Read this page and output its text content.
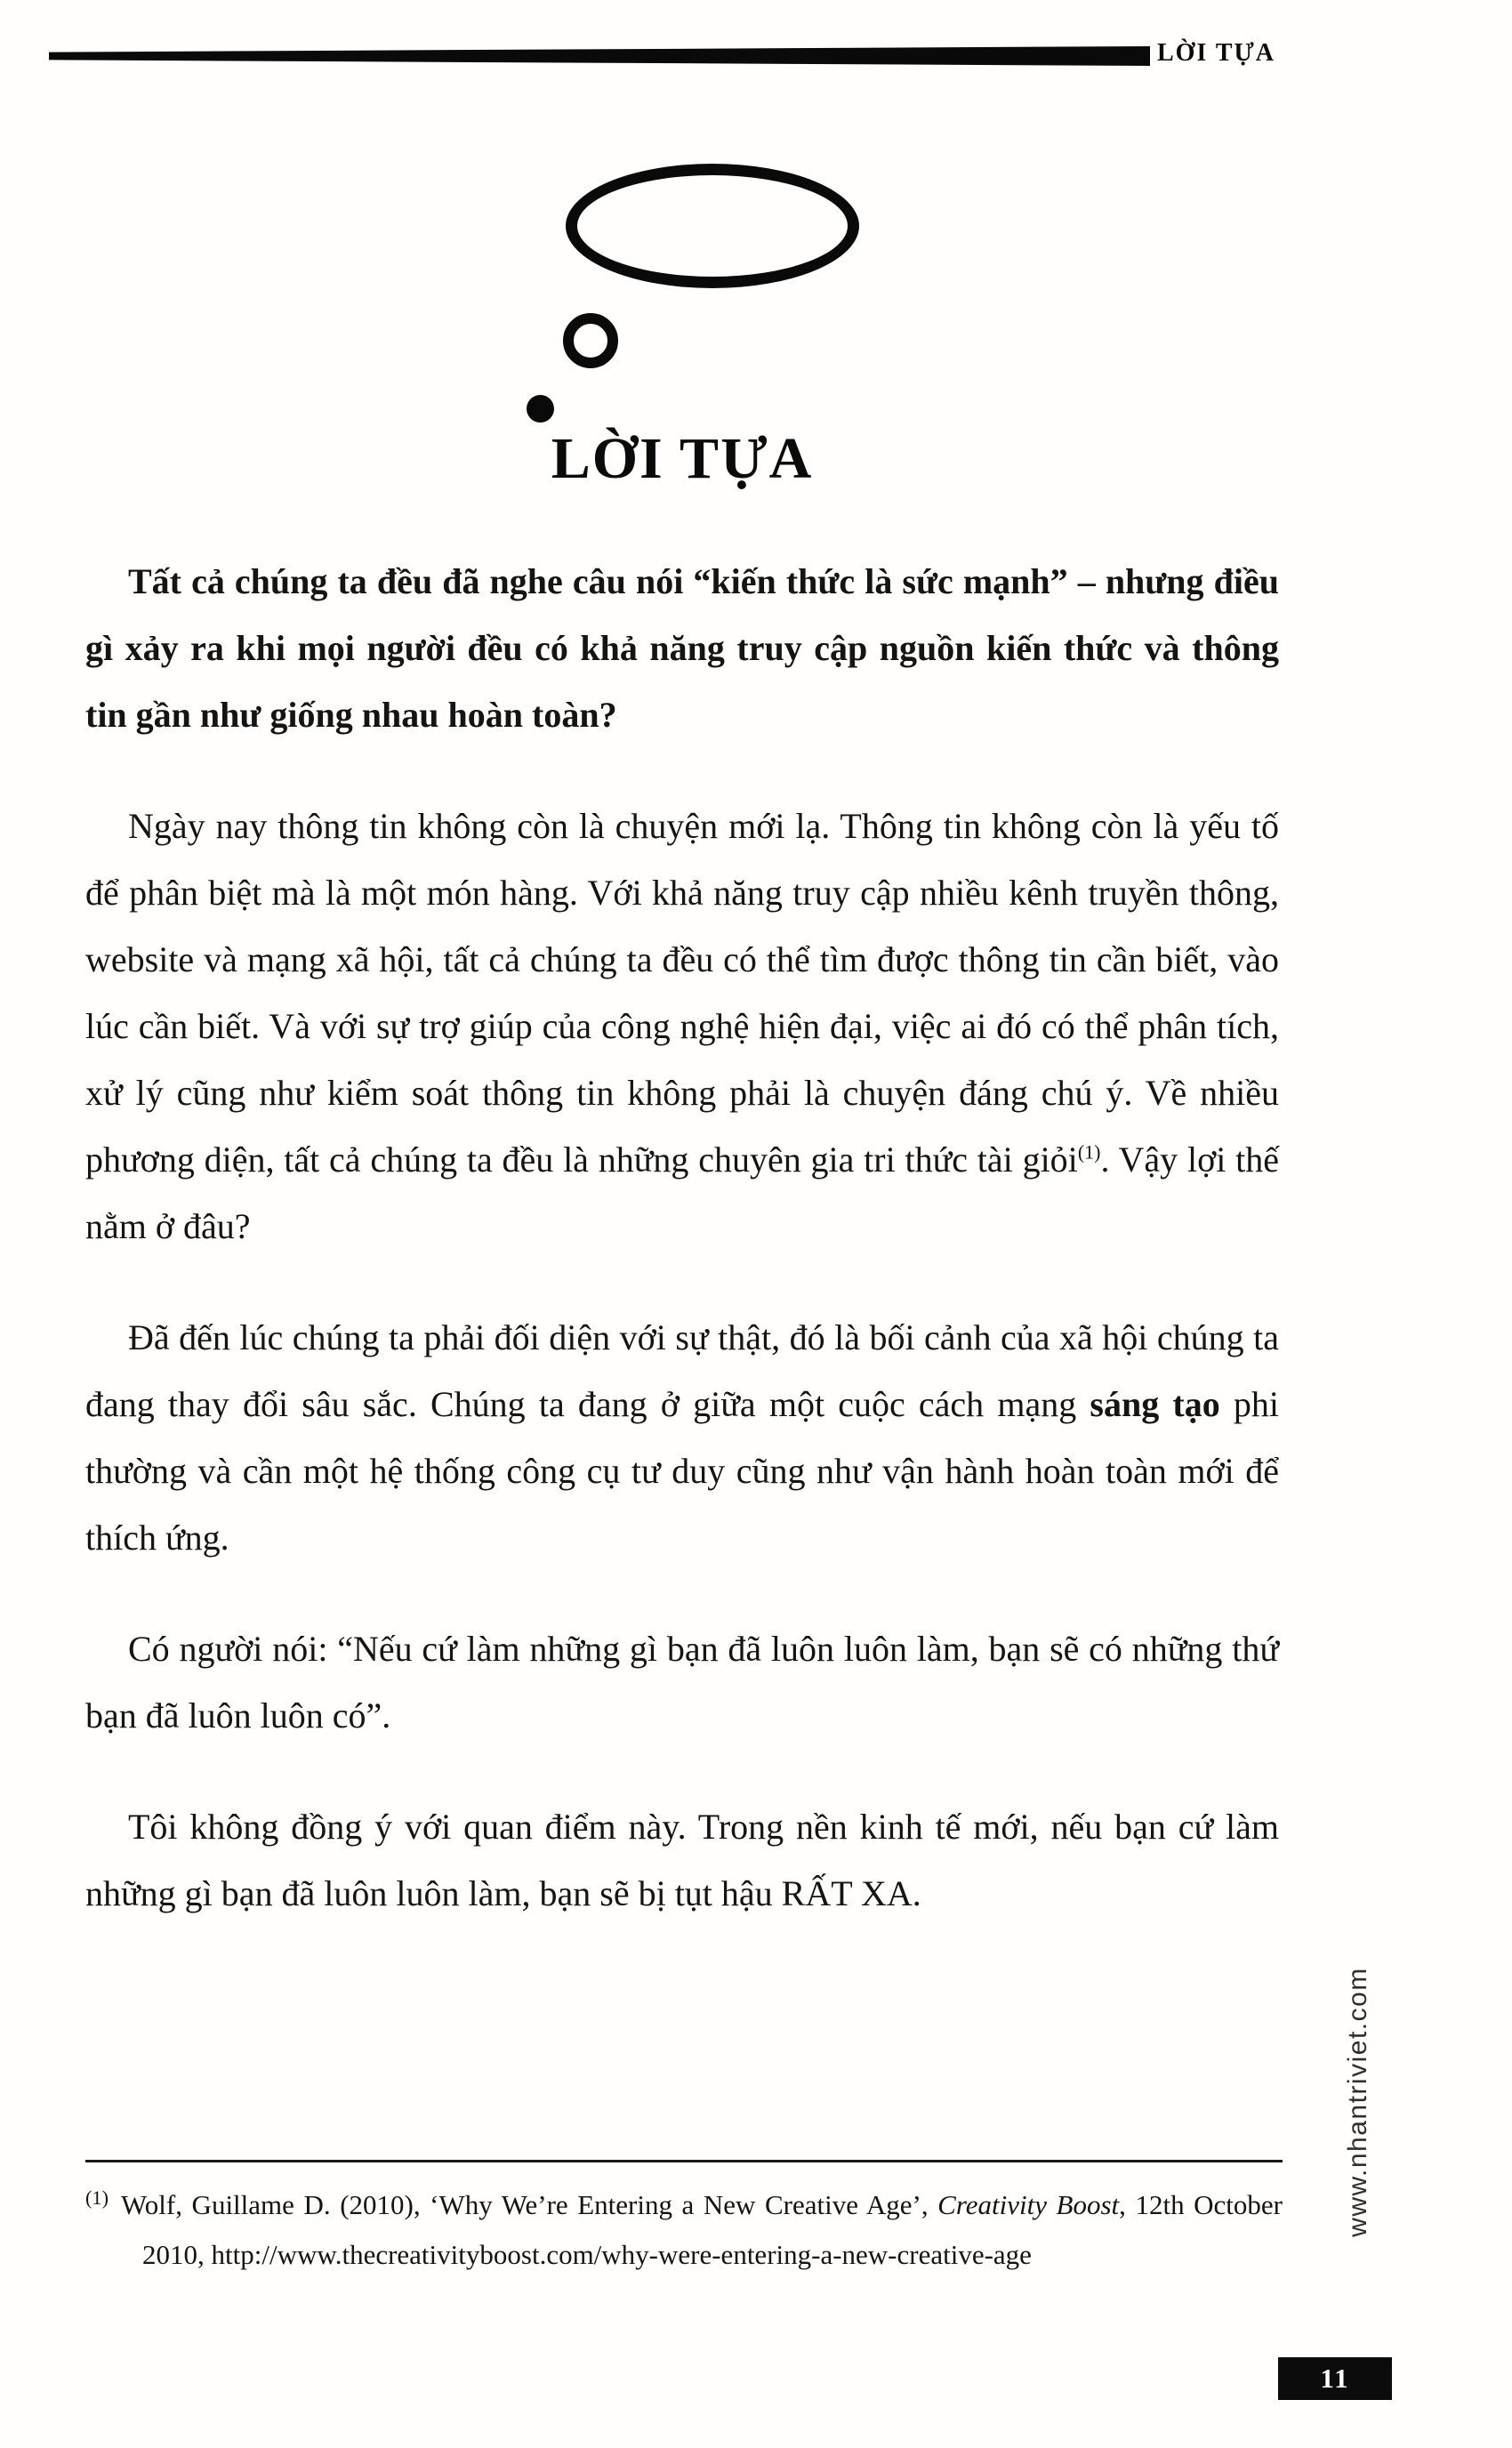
LỜI TỰA
LỜI TỰA

Tất cả chúng ta đều đã nghe câu nói “kiến thức là sức mạnh” – nhưng điều gì xảy ra khi mọi người đều có khả năng truy cập nguồn kiến thức và thông tin gần như giống nhau hoàn toàn?

Ngày nay thông tin không còn là chuyện mới lạ. Thông tin không còn là yếu tố để phân biệt mà là một món hàng. Với khả năng truy cập nhiều kênh truyền thông, website và mạng xã hội, tất cả chúng ta đều có thể tìm được thông tin cần biết, vào lúc cần biết. Và với sự trợ giúp của công nghệ hiện đại, việc ai đó có thể phân tích, xử lý cũng như kiểm soát thông tin không phải là chuyện đáng chú ý. Về nhiều phương diện, tất cả chúng ta đều là những chuyên gia tri thức tài giỏi$^{(1)}$. Vậy lợi thế nằm ở đâu?

Đã đến lúc chúng ta phải đối diện với sự thật, đó là bối cảnh của xã hội chúng ta đang thay đổi sâu sắc. Chúng ta đang ở giữa một cuộc cách mạng sáng tạo phi thường và cần một hệ thống công cụ tư duy cũng như vận hành hoàn toàn mới để thích ứng.

Có người nói: “Nếu cứ làm những gì bạn đã luôn luôn làm, bạn sẽ có những thứ bạn đã luôn luôn có”.

Tôi không đồng ý với quan điểm này. Trong nền kinh tế mới, nếu bạn cứ làm những gì bạn đã luôn luôn làm, bạn sẽ bị tụt hậu RẤT XA.

$^{(1)}$ Wolf, Guillame D. (2010), ‘Why We’re Entering a New Creative Age’, Creativity Boost, 12th October 2010, http://www.thecreativityboost.com/why-were-entering-a-new-creative-age

www.nhantriviet.com
11
